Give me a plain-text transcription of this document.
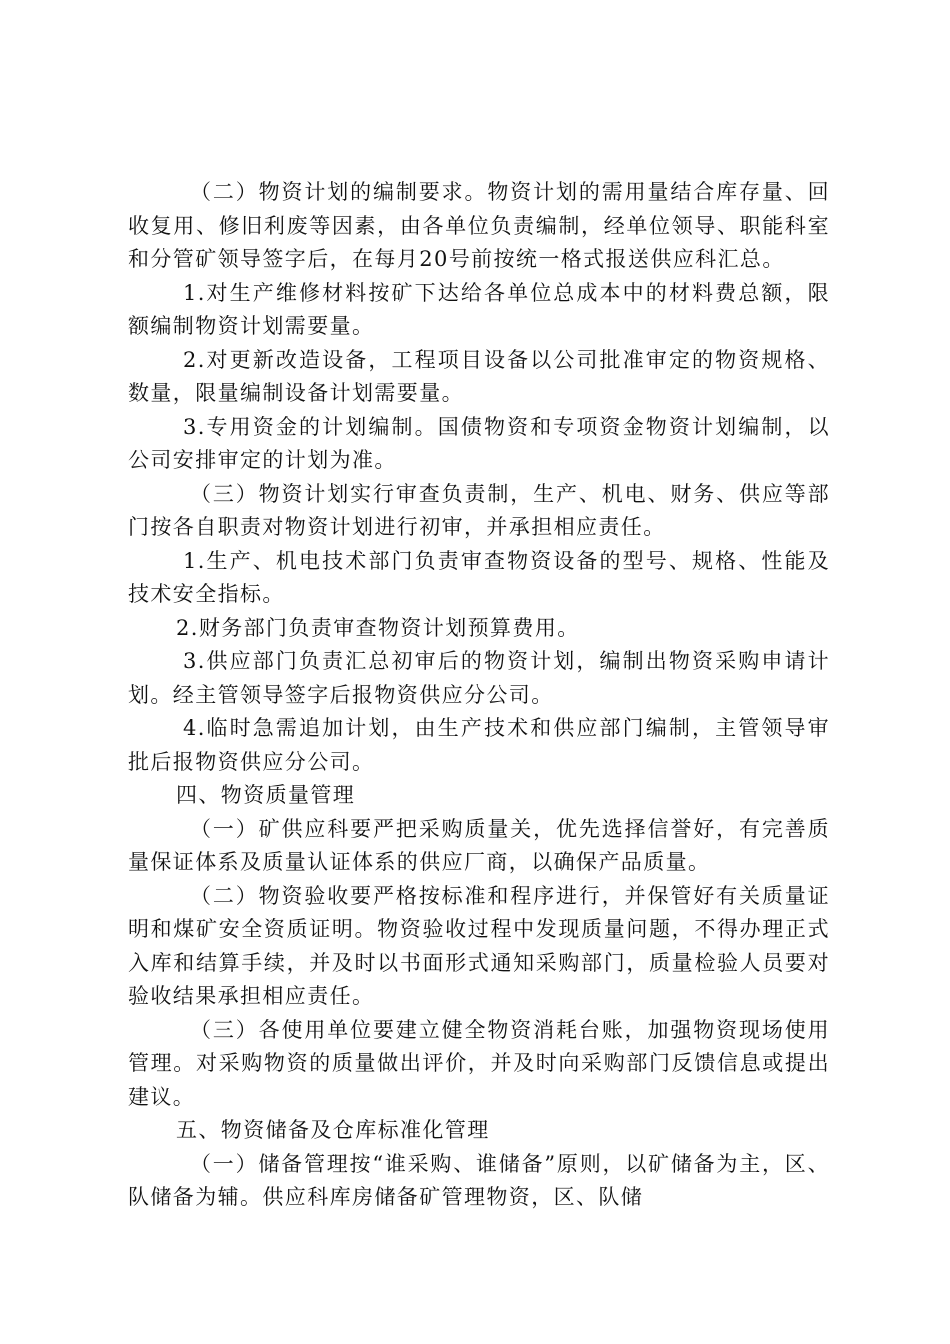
（二）物资计划的编制要求。物资计划的需用量结合库存量、回收复用、修旧利废等因素，由各单位负责编制，经单位领导、职能科室和分管矿领导签字后，在每月20号前按统一格式报送供应科汇总。

1.对生产维修材料按矿下达给各单位总成本中的材料费总额，限额编制物资计划需要量。

2.对更新改造设备，工程项目设备以公司批准审定的物资规格、数量，限量编制设备计划需要量。

3.专用资金的计划编制。国债物资和专项资金物资计划编制，以公司安排审定的计划为准。

（三）物资计划实行审查负责制，生产、机电、财务、供应等部门按各自职责对物资计划进行初审，并承担相应责任。

1.生产、机电技术部门负责审查物资设备的型号、规格、性能及技术安全指标。

2.财务部门负责审查物资计划预算费用。

3.供应部门负责汇总初审后的物资计划，编制出物资采购申请计划。经主管领导签字后报物资供应分公司。

4.临时急需追加计划，由生产技术和供应部门编制，主管领导审批后报物资供应分公司。

四、物资质量管理

（一）矿供应科要严把采购质量关，优先选择信誉好，有完善质量保证体系及质量认证体系的供应厂商，以确保产品质量。

（二）物资验收要严格按标准和程序进行，并保管好有关质量证明和煤矿安全资质证明。物资验收过程中发现质量问题，不得办理正式入库和结算手续，并及时以书面形式通知采购部门，质量检验人员要对验收结果承担相应责任。

（三）各使用单位要建立健全物资消耗台账，加强物资现场使用管理。对采购物资的质量做出评价，并及时向采购部门反馈信息或提出建议。

五、物资储备及仓库标准化管理

（一）储备管理按“谁采购、谁储备”原则，以矿储备为主，区、队储备为辅。供应科库房储备矿管理物资，区、队储
